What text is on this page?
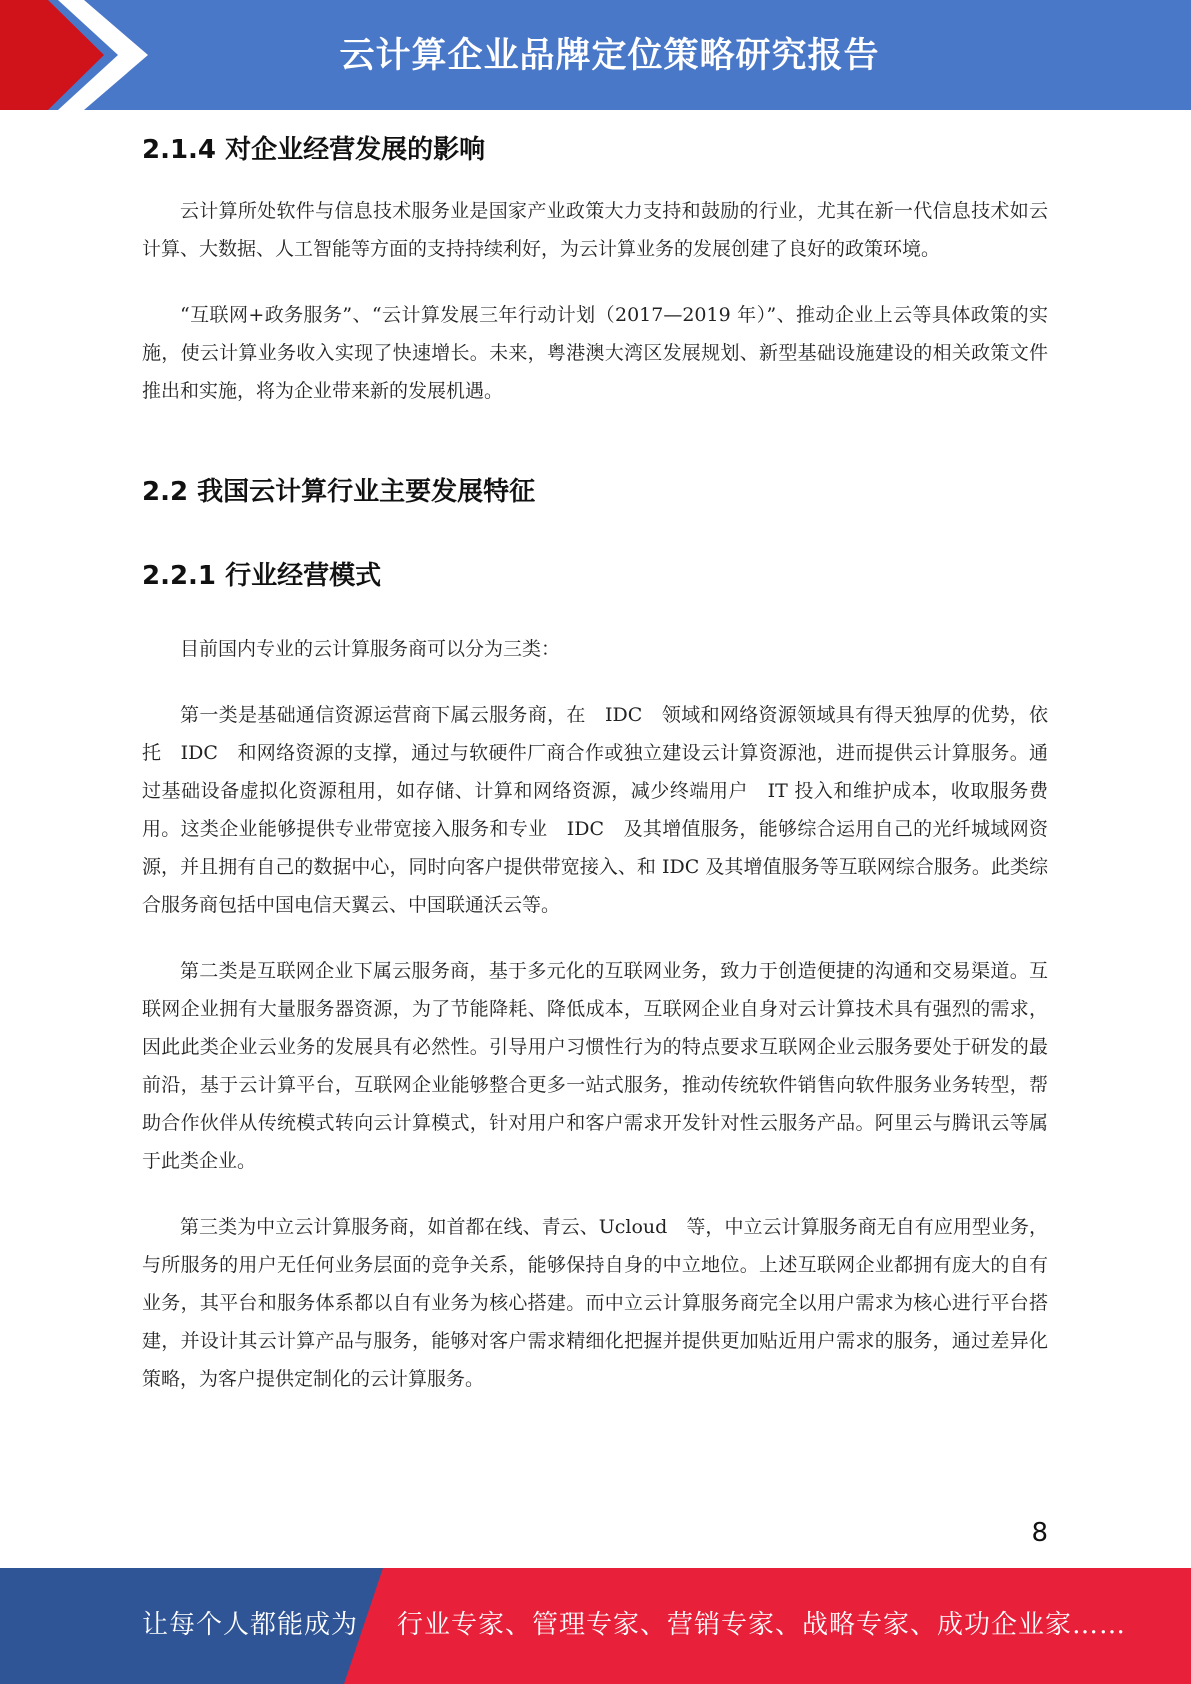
云计算企业品牌定位策略研究报告
2.1.4 对企业经营发展的影响

云计算所处软件与信息技术服务业是国家产业政策大力支持和鼓励的行业，尤其在新一代信息技术如云计算、大数据、人工智能等方面的支持持续利好，为云计算业务的发展创建了良好的政策环境。

“互联网+政务服务”、“云计算发展三年行动计划（2017—2019 年）”、推动企业上云等具体政策的实施，使云计算业务收入实现了快速增长。未来，粤港澳大湾区发展规划、新型基础设施建设的相关政策文件推出和实施，将为企业带来新的发展机遇。

2.2 我国云计算行业主要发展特征
2.2.1 行业经营模式

目前国内专业的云计算服务商可以分为三类：

第一类是基础通信资源运营商下属云服务商，在　IDC　领域和网络资源领域具有得天独厚的优势，依托　IDC　和网络资源的支撑，通过与软硬件厂商合作或独立建设云计算资源池，进而提供云计算服务。通过基础设备虚拟化资源租用，如存储、计算和网络资源，减少终端用户　IT 投入和维护成本，收取服务费用。这类企业能够提供专业带宽接入服务和专业　IDC　及其增值服务，能够综合运用自己的光纤城域网资源，并且拥有自己的数据中心，同时向客户提供带宽接入、和 IDC 及其增值服务等互联网综合服务。此类综合服务商包括中国电信天翼云、中国联通沃云等。

第二类是互联网企业下属云服务商，基于多元化的互联网业务，致力于创造便捷的沟通和交易渠道。互联网企业拥有大量服务器资源，为了节能降耗、降低成本，互联网企业自身对云计算技术具有强烈的需求，因此此类企业云业务的发展具有必然性。引导用户习惯性行为的特点要求互联网企业云服务要处于研发的最前沿，基于云计算平台，互联网企业能够整合更多一站式服务，推动传统软件销售向软件服务业务转型，帮助合作伙伴从传统模式转向云计算模式，针对用户和客户需求开发针对性云服务产品。阿里云与腾讯云等属于此类企业。

第三类为中立云计算服务商，如首都在线、青云、Ucloud　等，中立云计算服务商无自有应用型业务，与所服务的用户无任何业务层面的竞争关系，能够保持自身的中立地位。上述互联网企业都拥有庞大的自有业务，其平台和服务体系都以自有业务为核心搭建。而中立云计算服务商完全以用户需求为核心进行平台搭建，并设计其云计算产品与服务，能够对客户需求精细化把握并提供更加贴近用户需求的服务，通过差异化策略，为客户提供定制化的云计算服务。

8
让每个人都能成为 行业专家、管理专家、营销专家、战略专家、成功企业家……
